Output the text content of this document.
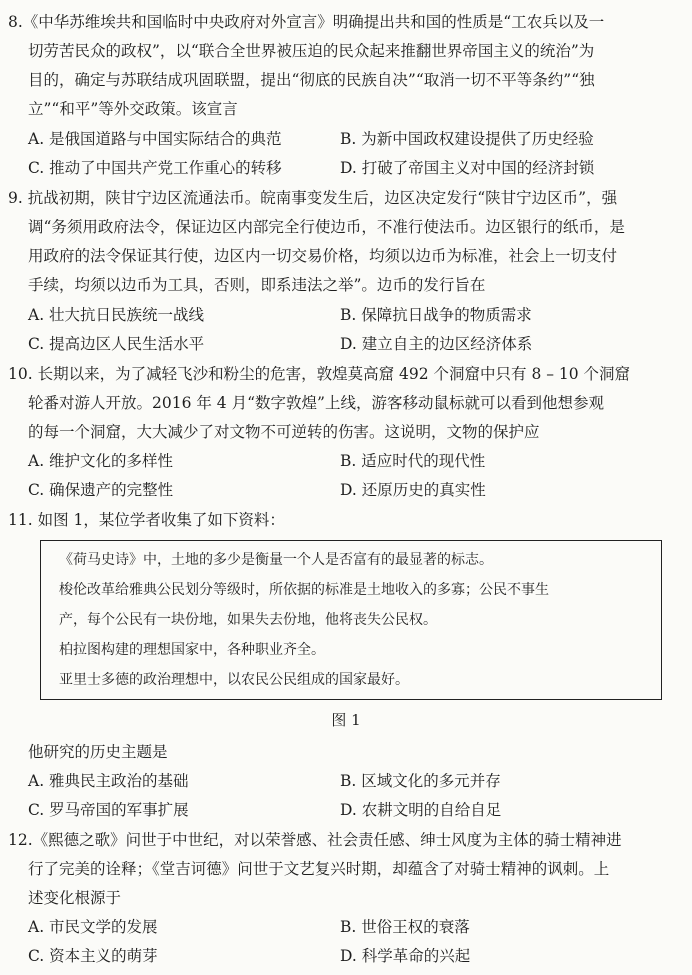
8.《中华苏维埃共和国临时中央政府对外宣言》明确提出共和国的性质是“工农兵以及一
切劳苦民众的政权”，以“联合全世界被压迫的民众起来推翻世界帝国主义的统治”为
目的，确定与苏联结成巩固联盟，提出“彻底的民族自决”“取消一切不平等条约”“独
立”“和平”等外交政策。该宣言
A. 是俄国道路与中国实际结合的典范	B. 为新中国政权建设提供了历史经验
C. 推动了中国共产党工作重心的转移	D. 打破了帝国主义对中国的经济封锁
9. 抗战初期，陕甘宁边区流通法币。皖南事变发生后，边区决定发行“陕甘宁边区币”，强
调“务须用政府法令，保证边区内部完全行使边币，不准行使法币。边区银行的纸币，是
用政府的法令保证其行使，边区内一切交易价格，均须以边币为标准，社会上一切支付
手续，均须以边币为工具，否则，即系违法之举”。边币的发行旨在
A. 壮大抗日民族统一战线	B. 保障抗日战争的物质需求
C. 提高边区人民生活水平	D. 建立自主的边区经济体系
10. 长期以来，为了减轻飞沙和粉尘的危害，敦煌莫高窟 492 个洞窟中只有 8 – 10 个洞窟
轮番对游人开放。2016 年 4 月“数字敦煌”上线，游客移动鼠标就可以看到他想参观
的每一个洞窟，大大减少了对文物不可逆转的伤害。这说明，文物的保护应
A. 维护文化的多样性	B. 适应时代的现代性
C. 确保遗产的完整性	D. 还原历史的真实性
11. 如图 1，某位学者收集了如下资料：
《荷马史诗》中，土地的多少是衡量一个人是否富有的最显著的标志。
梭伦改革给雅典公民划分等级时，所依据的标准是土地收入的多寡；公民不事生
产，每个公民有一块份地，如果失去份地，他将丧失公民权。
柏拉图构建的理想国家中，各种职业齐全。
亚里士多德的政治理想中，以农民公民组成的国家最好。
图 1
他研究的历史主题是
A. 雅典民主政治的基础	B. 区域文化的多元并存
C. 罗马帝国的军事扩展	D. 农耕文明的自给自足
12.《熙德之歌》问世于中世纪，对以荣誉感、社会责任感、绅士风度为主体的骑士精神进
行了完美的诠释；《堂吉诃德》问世于文艺复兴时期，却蕴含了对骑士精神的讽刺。上
述变化根源于
A. 市民文学的发展	B. 世俗王权的衰落
C. 资本主义的萌芽	D. 科学革命的兴起
